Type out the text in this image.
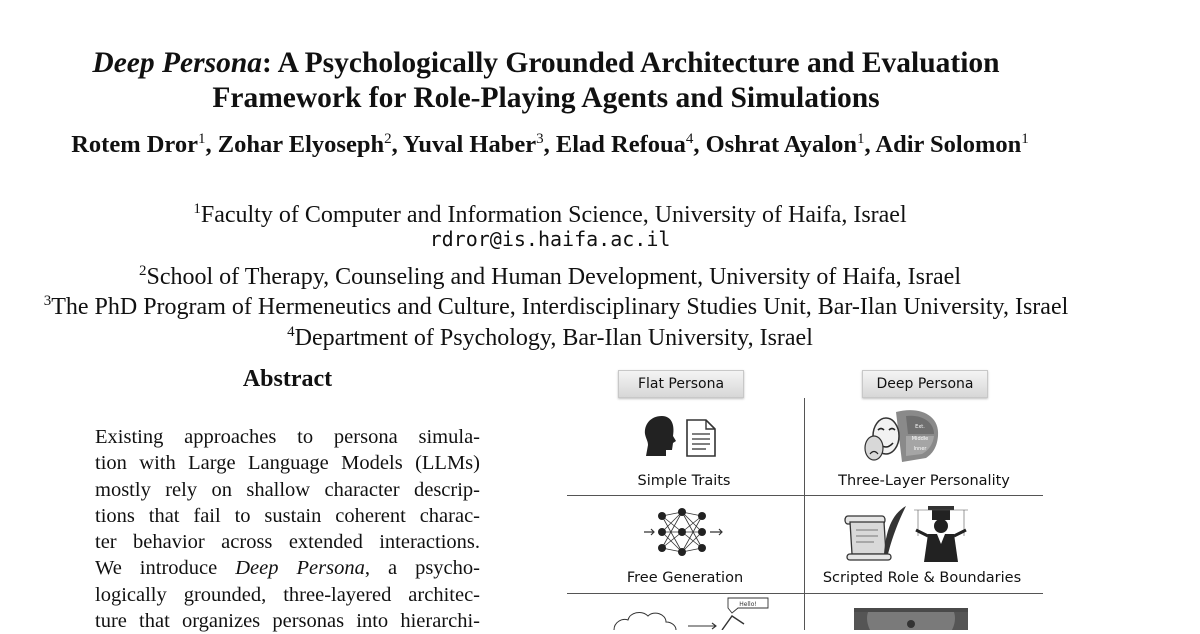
Deep Persona: A Psychologically Grounded Architecture and Evaluation
Framework for Role-Playing Agents and Simulations
Rotem Dror$^1$, Zohar Elyoseph$^2$, Yuval Haber$^3$, Elad Refoua$^4$, Oshrat Ayalon$^1$, Adir Solomon$^1$
$^1$Faculty of Computer and Information Science, University of Haifa, Israel
rdror@is.haifa.ac.il
$^2$School of Therapy, Counseling and Human Development, University of Haifa, Israel
$^3$The PhD Program of Hermeneutics and Culture, Interdisciplinary Studies Unit, Bar-Ilan University, Israel
$^4$Department of Psychology, Bar-Ilan University, Israel
Abstract
Existing approaches to persona simula-
tion with Large Language Models (LLMs)
mostly rely on shallow character descrip-
tions that fail to sustain coherent charac-
ter behavior across extended interactions.
We introduce Deep Persona, a psycho-
logically grounded, three-layered architec-
ture that organizes personas into hierarchi-
Flat Persona	Deep Persona
Simple Traits
Ext.
Middle
Inner
Three-Layer Personality
Free Generation	Scripted Role & Boundaries
Hello!
